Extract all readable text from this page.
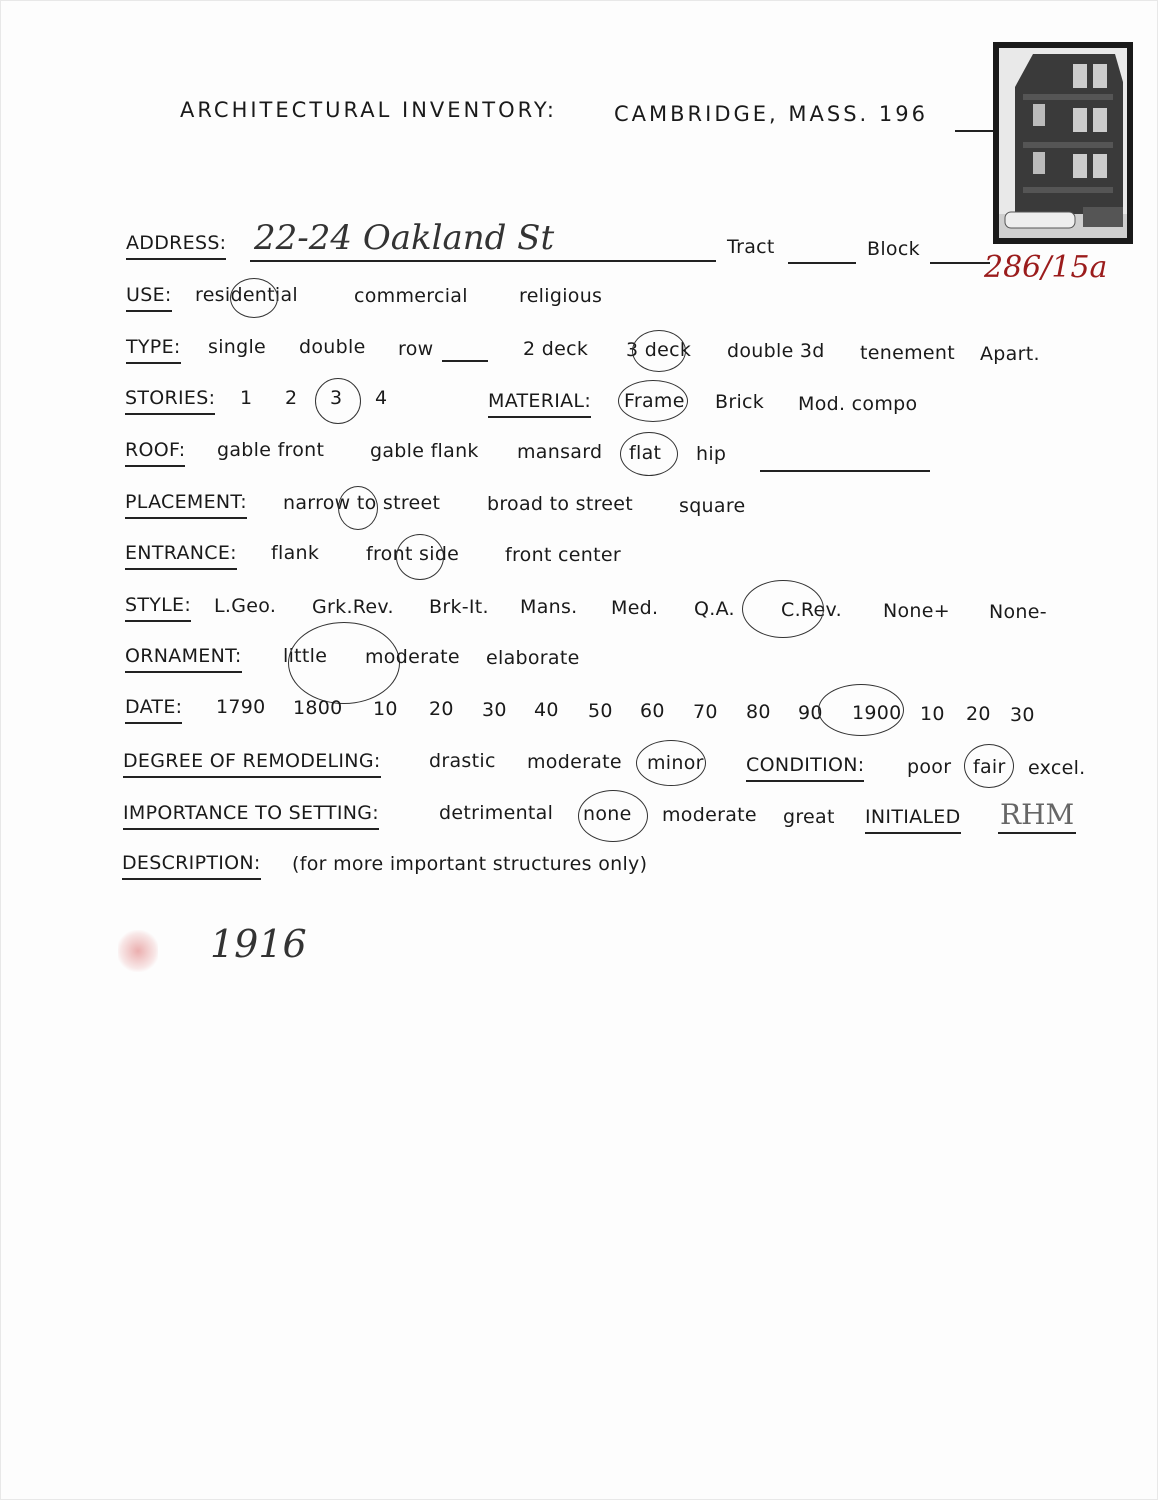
ARCHITECTURAL INVENTORY:	CAMBRIDGE, MASS. 196
ADDRESS: 22-24 Oakland St	Tract	Block
286/15a
USE: residential	commercial	religious
TYPE: single double row	2 deck 3 deck double 3d tenement Apart.
STORIES: 1 2 3 4	MATERIAL: Frame Brick Mod. compo
ROOF: gable front gable flank mansard flat hip
PLACEMENT: narrow to street broad to street square
ENTRANCE: flank front side front center
STYLE: L.Geo. Grk.Rev. Brk-It. Mans. Med. Q.A. C.Rev. None+ None-
ORNAMENT: little moderate elaborate
DATE: 1790 1800 10 20 30 40 50 60 70 80 90 1900 10 20 30
DEGREE OF REMODELING:	drastic moderate minor CONDITION: poor fair excel.
IMPORTANCE TO SETTING:	detrimental none moderate great INITIALED RHM
DESCRIPTION: (for more important structures only)
1916
